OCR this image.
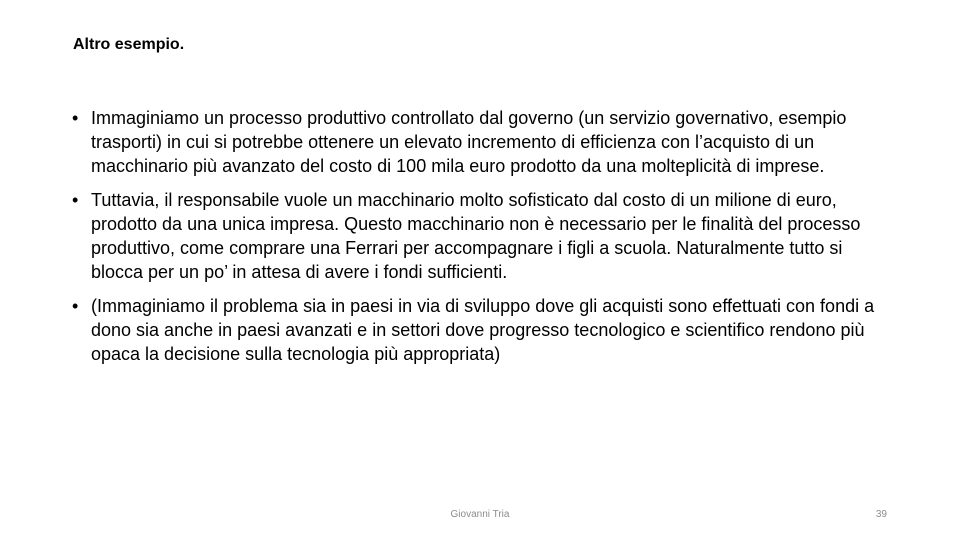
Altro esempio.
• Immaginiamo un processo produttivo controllato dal governo (un servizio governativo, esempio trasporti) in cui si potrebbe ottenere un elevato incremento di efficienza con l’acquisto di un macchinario più avanzato del costo di 100 mila euro prodotto da una molteplicità di imprese.
• Tuttavia, il responsabile vuole un macchinario molto sofisticato dal costo di un milione di euro, prodotto da una unica impresa. Questo macchinario non è necessario per le finalità del processo produttivo, come comprare una Ferrari per accompagnare i figli a scuola. Naturalmente tutto si blocca per un po’ in attesa di avere i fondi sufficienti.
• (Immaginiamo il problema sia in paesi in via di sviluppo dove gli acquisti sono effettuati con fondi a dono sia anche in paesi avanzati e in settori dove progresso tecnologico e scientifico rendono più opaca la decisione sulla tecnologia più appropriata)
Giovanni Tria	39
